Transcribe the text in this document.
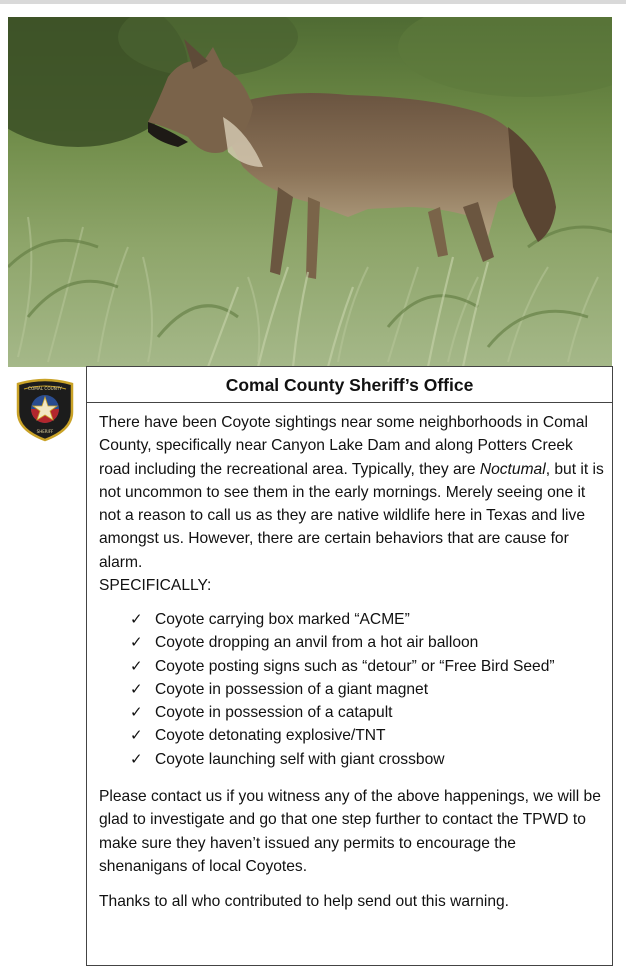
COMAL COUNTY
SHERIFF
Comal County Sheriff’s Office

There have been Coyote sightings near some neighborhoods in Comal County, specifically near Canyon Lake Dam and along Potters Creek road including the recreational area. Typically, they are Noctumal, but it is not uncommon to see them in the early mornings. Merely seeing one it not a reason to call us as they are native wildlife here in Texas and live amongst us. However, there are certain behaviors that are cause for alarm.

SPECIFICALLY:

✓ Coyote carrying box marked “ACME”
✓ Coyote dropping an anvil from a hot air balloon
✓ Coyote posting signs such as “detour” or “Free Bird Seed”
✓ Coyote in possession of a giant magnet
✓ Coyote in possession of a catapult
✓ Coyote detonating explosive/TNT
✓ Coyote launching self with giant crossbow

Please contact us if you witness any of the above happenings, we will be glad to investigate and go that one step further to contact the TPWD to make sure they haven’t issued any permits to encourage the shenanigans of local Coyotes.

Thanks to all who contributed to help send out this warning.
